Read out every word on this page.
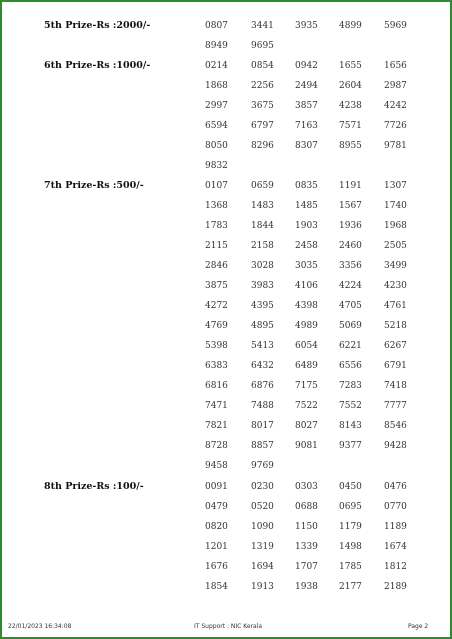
5th Prize-Rs :2000/-	0807	3441 3935 4899 5969
8949	9695
6th Prize-Rs :1000/-	0214	0854 0942 1655 1656
1868	2256 2494 2604 2987
2997	3675 3857 4238 4242
6594	6797 7163 7571 7726
8050	8296 8307 8955 9781
9832
7th Prize-Rs :500/-	0107	0659 0835 1191 1307
1368	1483 1485 1567 1740
1783	1844 1903 1936 1968
2115	2158 2458 2460 2505
2846	3028 3035 3356 3499
3875	3983 4106 4224 4230
4272	4395 4398 4705 4761
4769	4895 4989 5069 5218
5398	5413 6054 6221 6267
6383	6432 6489 6556 6791
6816	6876 7175 7283 7418
7471	7488 7522 7552 7777
7821	8017 8027 8143 8546
8728	8857 9081 9377 9428
9458	9769
8th Prize-Rs :100/-	0091	0230 0303 0450 0476
0479	0520 0688 0695 0770
0820	1090 1150 1179 1189
1201	1319 1339 1498 1674
1676	1694 1707 1785 1812
1854	1913 1938 2177 2189
22/01/2023 16:34:08	IT Support : NIC Kerala	Page 2
